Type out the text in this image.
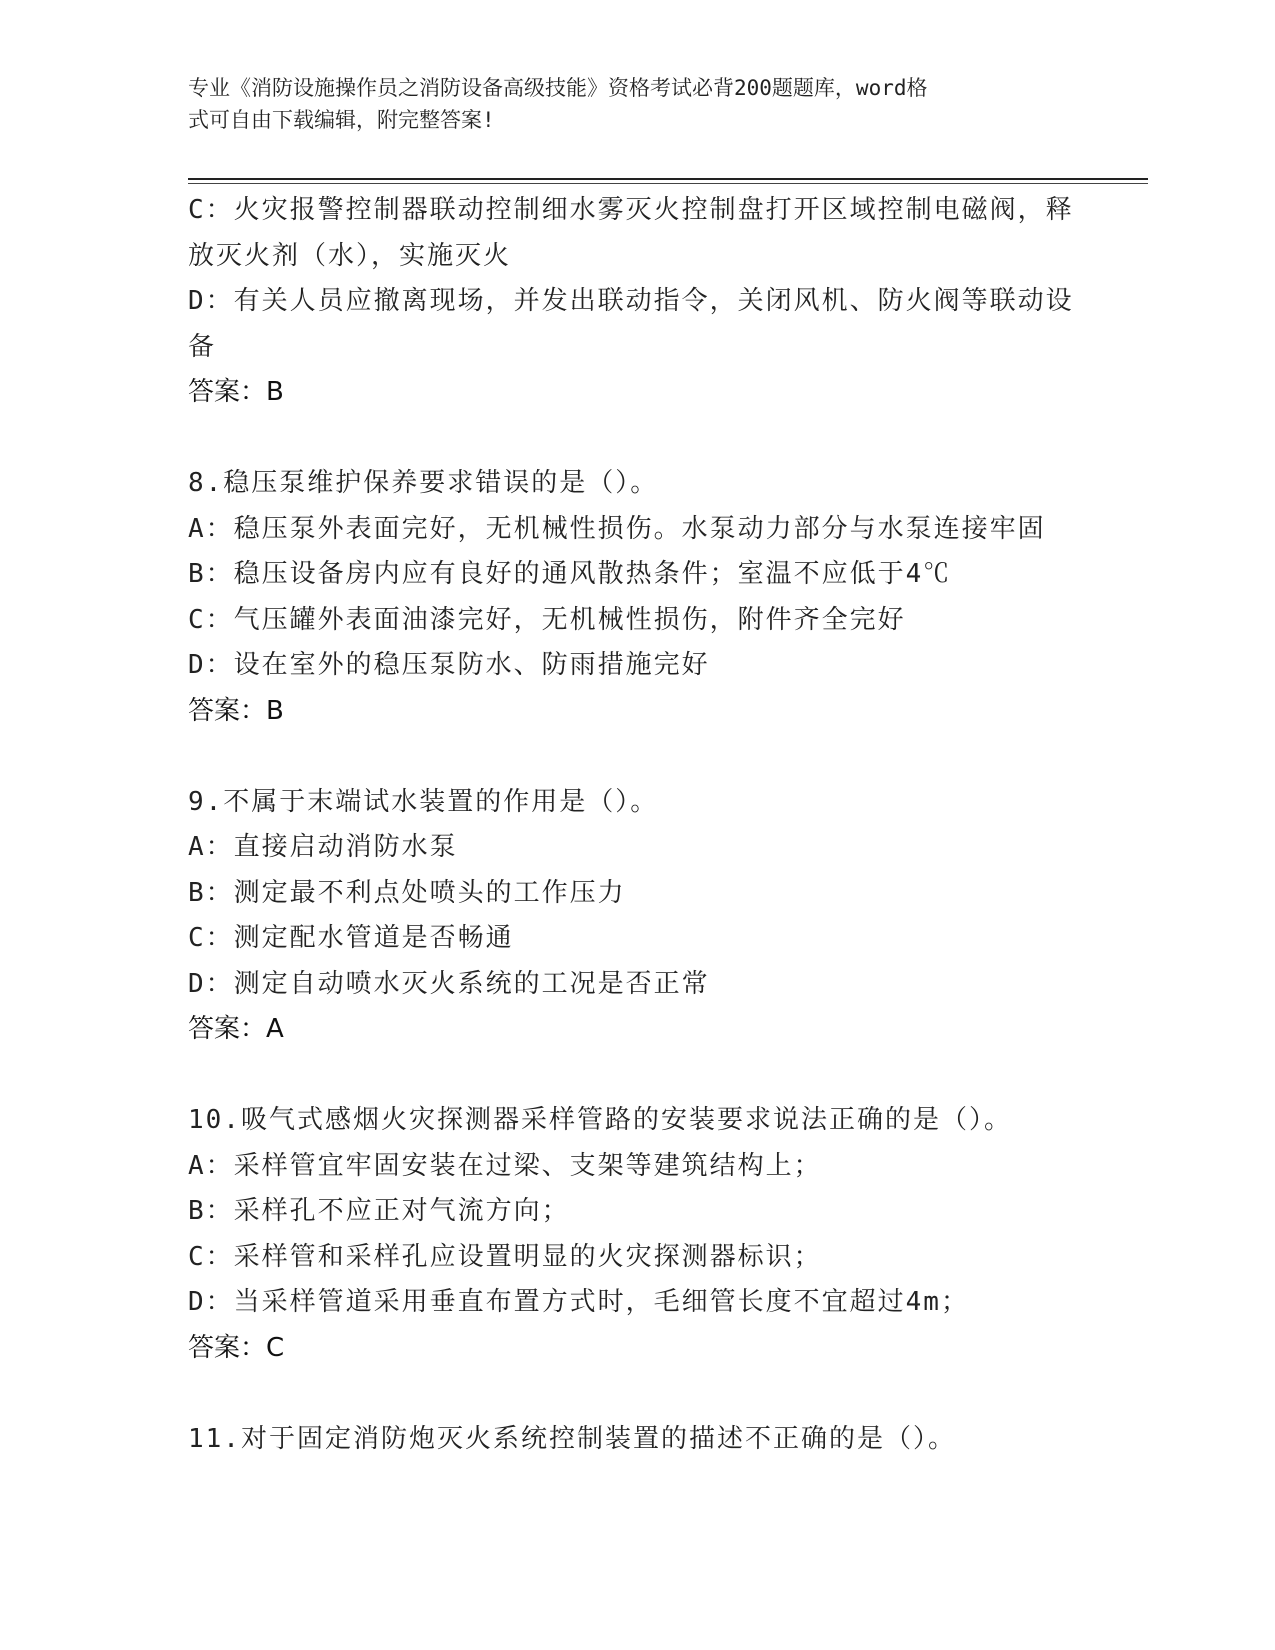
专业《消防设施操作员之消防设备高级技能》资格考试必背200题题库，word格
式可自由下载编辑，附完整答案!
C：火灾报警控制器联动控制细水雾灭火控制盘打开区域控制电磁阀，释放灭火剂（水），实施灭火
D：有关人员应撤离现场，并发出联动指令，关闭风机、防火阀等联动设备
答案：B
8.稳压泵维护保养要求错误的是（）。
A：稳压泵外表面完好，无机械性损伤。水泵动力部分与水泵连接牢固
B：稳压设备房内应有良好的通风散热条件；室温不应低于4℃
C：气压罐外表面油漆完好，无机械性损伤，附件齐全完好
D：设在室外的稳压泵防水、防雨措施完好
答案：B
9.不属于末端试水装置的作用是（）。
A：直接启动消防水泵
B：测定最不利点处喷头的工作压力
C：测定配水管道是否畅通
D：测定自动喷水灭火系统的工况是否正常
答案：A
10.吸气式感烟火灾探测器采样管路的安装要求说法正确的是（）。
A：采样管宜牢固安装在过梁、支架等建筑结构上；
B：采样孔不应正对气流方向；
C：采样管和采样孔应设置明显的火灾探测器标识；
D：当采样管道采用垂直布置方式时，毛细管长度不宜超过4m；
答案：C
11.对于固定消防炮灭火系统控制装置的描述不正确的是（）。
